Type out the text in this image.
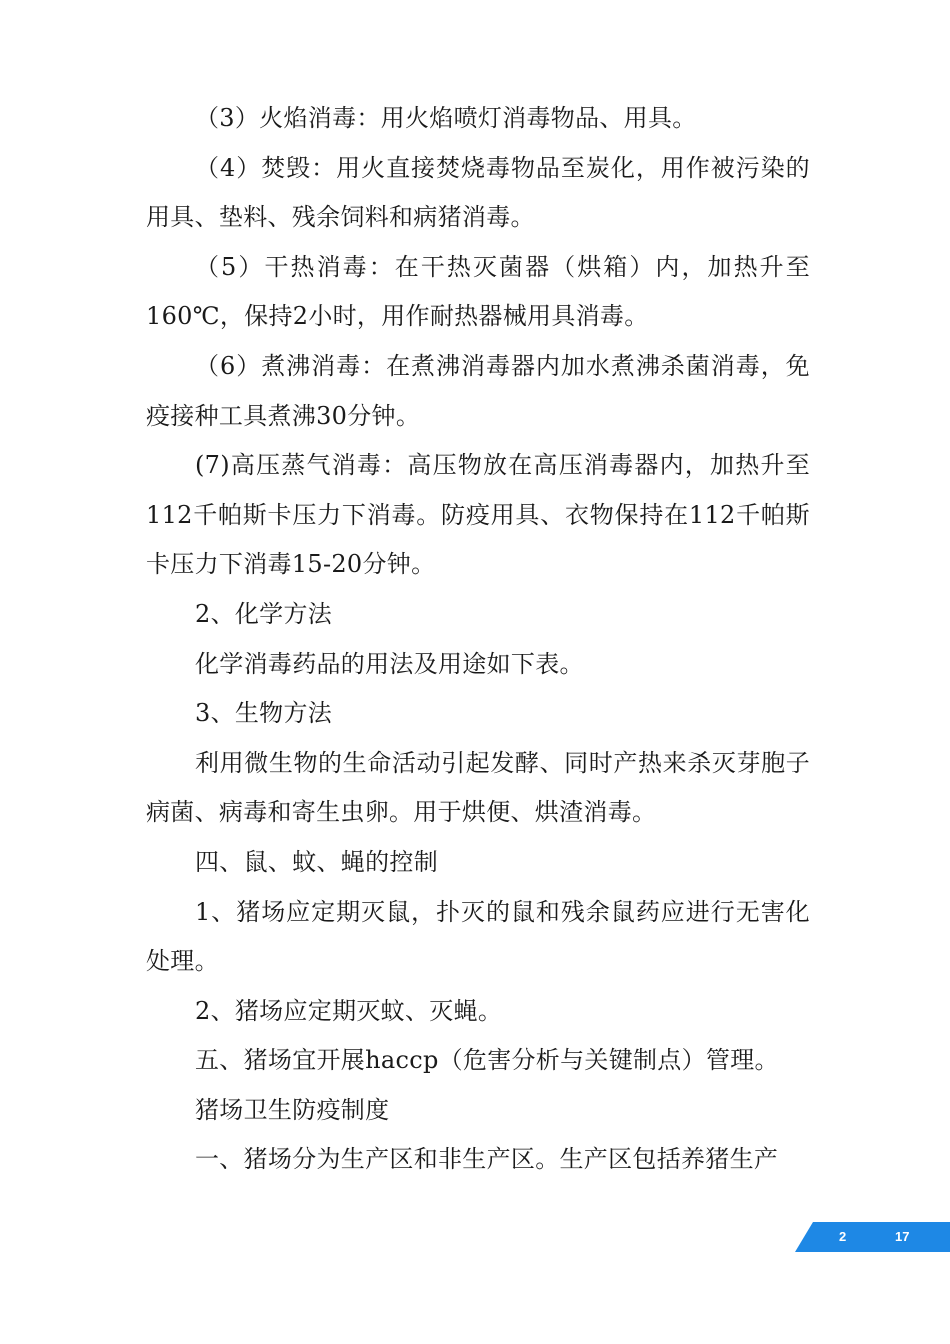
（3）火焰消毒：用火焰喷灯消毒物品、用具。

（4）焚毁：用火直接焚烧毒物品至炭化，用作被污染的用具、垫料、残余饲料和病猪消毒。

（5）干热消毒：在干热灭菌器（烘箱）内，加热升至160℃，保持2小时，用作耐热器械用具消毒。

（6）煮沸消毒：在煮沸消毒器内加水煮沸杀菌消毒，免疫接种工具煮沸30分钟。

(7)高压蒸气消毒：高压物放在高压消毒器内，加热升至112千帕斯卡压力下消毒。防疫用具、衣物保持在112千帕斯卡压力下消毒15-20分钟。

2、化学方法

化学消毒药品的用法及用途如下表。

3、生物方法

利用微生物的生命活动引起发酵、同时产热来杀灭芽胞子病菌、病毒和寄生虫卵。用于烘便、烘渣消毒。

四、鼠、蚊、蝇的控制

1、猪场应定期灭鼠，扑灭的鼠和残余鼠药应进行无害化处理。

2、猪场应定期灭蚊、灭蝇。

五、猪场宜开展haccp（危害分析与关键制点）管理。

猪场卫生防疫制度

一、猪场分为生产区和非生产区。生产区包括养猪生产

2	17
